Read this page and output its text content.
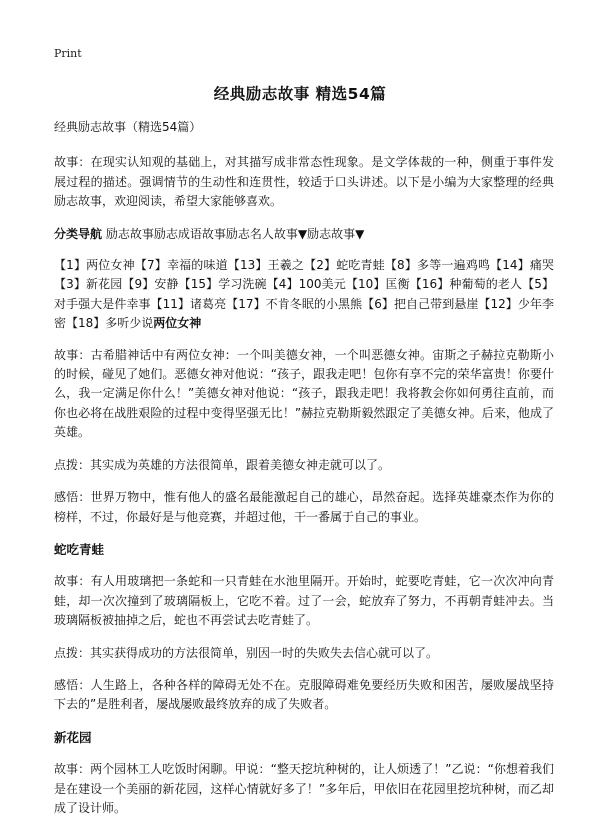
Print
经典励志故事 精选54篇

经典励志故事（精选54篇）

故事：在现实认知观的基础上，对其描写成非常态性现象。是文学体裁的一种，侧重于事件发展过程的描述。强调情节的生动性和连贯性，较适于口头讲述。以下是小编为大家整理的经典励志故事，欢迎阅读，希望大家能够喜欢。

分类导航 励志故事励志成语故事励志名人故事▼励志故事▼

【1】两位女神【7】幸福的味道【13】王羲之【2】蛇吃青蛙【8】多等一遍鸡鸣【14】痛哭【3】新花园【9】安静【15】学习洗碗【4】100美元【10】匡衡【16】种葡萄的老人【5】对手强大是件幸事【11】诸葛亮【17】不肯冬眠的小黑熊【6】把自己带到悬崖【12】少年李密【18】多听少说两位女神

故事：古希腊神话中有两位女神：一个叫美德女神，一个叫恶德女神。宙斯之子赫拉克勒斯小的时候，碰见了她们。恶德女神对他说：“孩子，跟我走吧！包你有享不完的荣华富贵！你要什么，我一定满足你什么！”美德女神对他说：“孩子，跟我走吧！我将教会你如何勇往直前，而你也必将在战胜艰险的过程中变得坚强无比！”赫拉克勒斯毅然跟定了美德女神。后来，他成了英雄。

点拨：其实成为英雄的方法很简单，跟着美德女神走就可以了。

感悟：世界万物中，惟有他人的盛名最能激起自己的雄心，昂然奋起。选择英雄豪杰作为你的榜样，不过，你最好是与他竞赛，并超过他，干一番属于自己的事业。

蛇吃青蛙

故事：有人用玻璃把一条蛇和一只青蛙在水池里隔开。开始时，蛇要吃青蛙，它一次次冲向青蛙，却一次次撞到了玻璃隔板上，它吃不着。过了一会，蛇放弃了努力，不再朝青蛙冲去。当玻璃隔板被抽掉之后，蛇也不再尝试去吃青蛙了。

点拨：其实获得成功的方法很简单，别因一时的失败失去信心就可以了。

感悟：人生路上，各种各样的障碍无处不在。克服障碍难免要经历失败和困苦，屡败屡战坚持下去的”是胜利者，屡战屡败最终放弃的成了失败者。

新花园

故事：两个园林工人吃饭时闲聊。甲说：“整天挖坑种树的，让人烦透了！”乙说：“你想着我们是在建设一个美丽的新花园，这样心情就好多了！”多年后，甲依旧在花园里挖坑种树，而乙却成了设计师。
